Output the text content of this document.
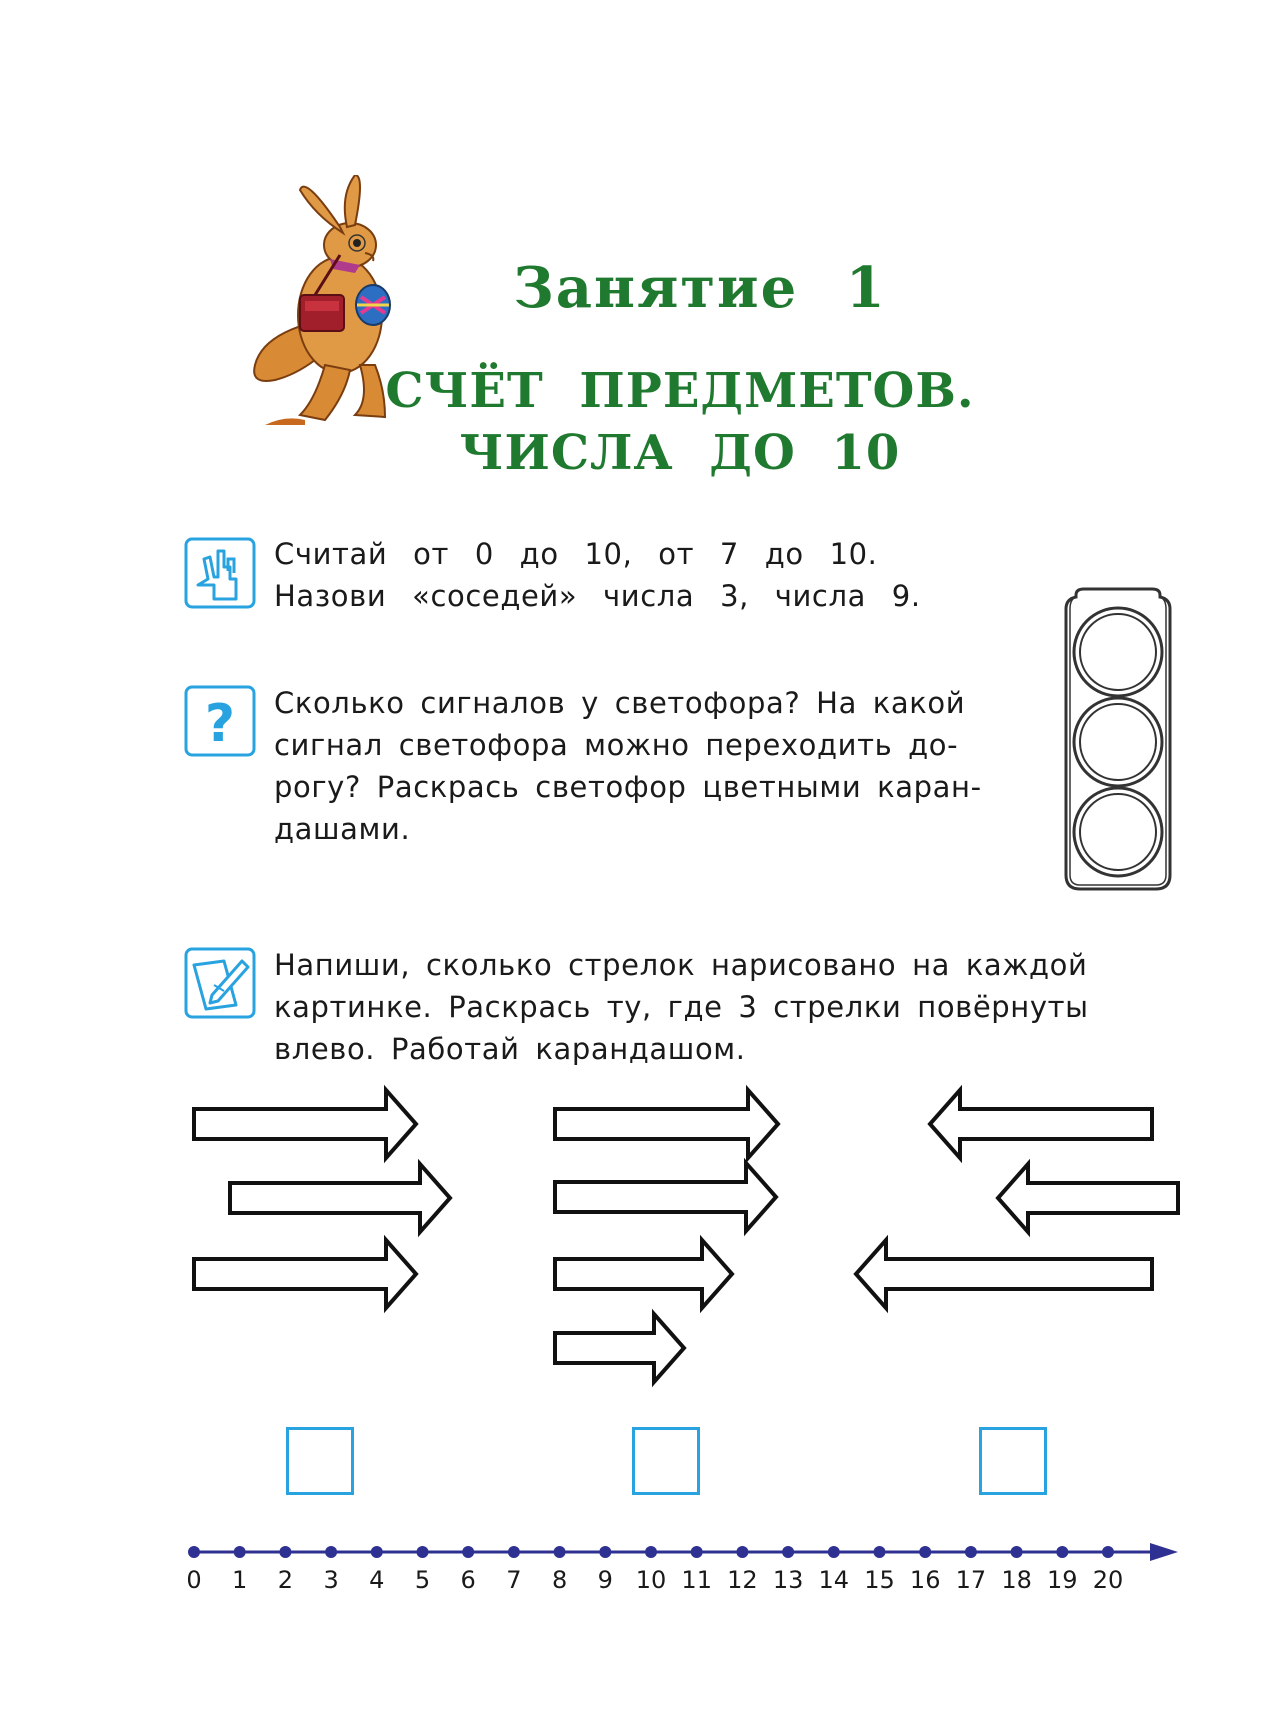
Занятие 1
СЧЁТ ПРЕДМЕТОВ.
ЧИСЛА ДО 10
Считай от 0 до 10, от 7 до 10.
Назови «соседей» числа 3, числа 9.
? Сколько сигналов у светофора? На какой
сигнал светофора можно переходить до-
рогу? Раскрась светофор цветными каран-
дашами.
Напиши, сколько стрелок нарисовано на каждой
картинке. Раскрась ту, где 3 стрелки повёрнуты
влево. Работай карандашом.
0 1 2 3 4 5 6 7 8 9 10 11 12 13 14 15 16 17 18 19 20
